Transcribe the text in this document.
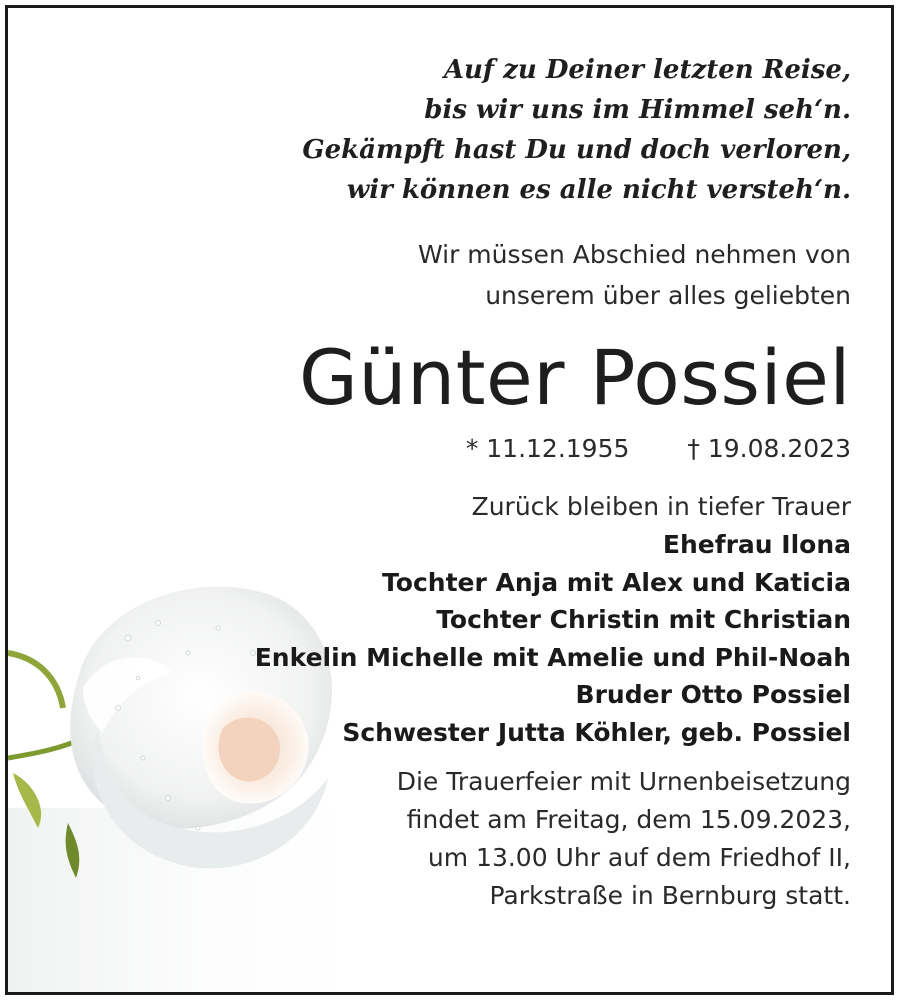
Auf zu Deiner letzten Reise,
bis wir uns im Himmel seh‘n.
Gekämpft hast Du und doch verloren,
wir können es alle nicht versteh‘n.
Wir müssen Abschied nehmen von
unserem über alles geliebten
Günter Possiel
* 11.12.1955 † 19.08.2023
Zurück bleiben in tiefer Trauer
Ehefrau Ilona
Tochter Anja mit Alex und Katicia
Tochter Christin mit Christian
Enkelin Michelle mit Amelie und Phil-Noah
Bruder Otto Possiel
Schwester Jutta Köhler, geb. Possiel
Die Trauerfeier mit Urnenbeisetzung
findet am Freitag, dem 15.09.2023,
um 13.00 Uhr auf dem Friedhof II,
Parkstraße in Bernburg statt.
